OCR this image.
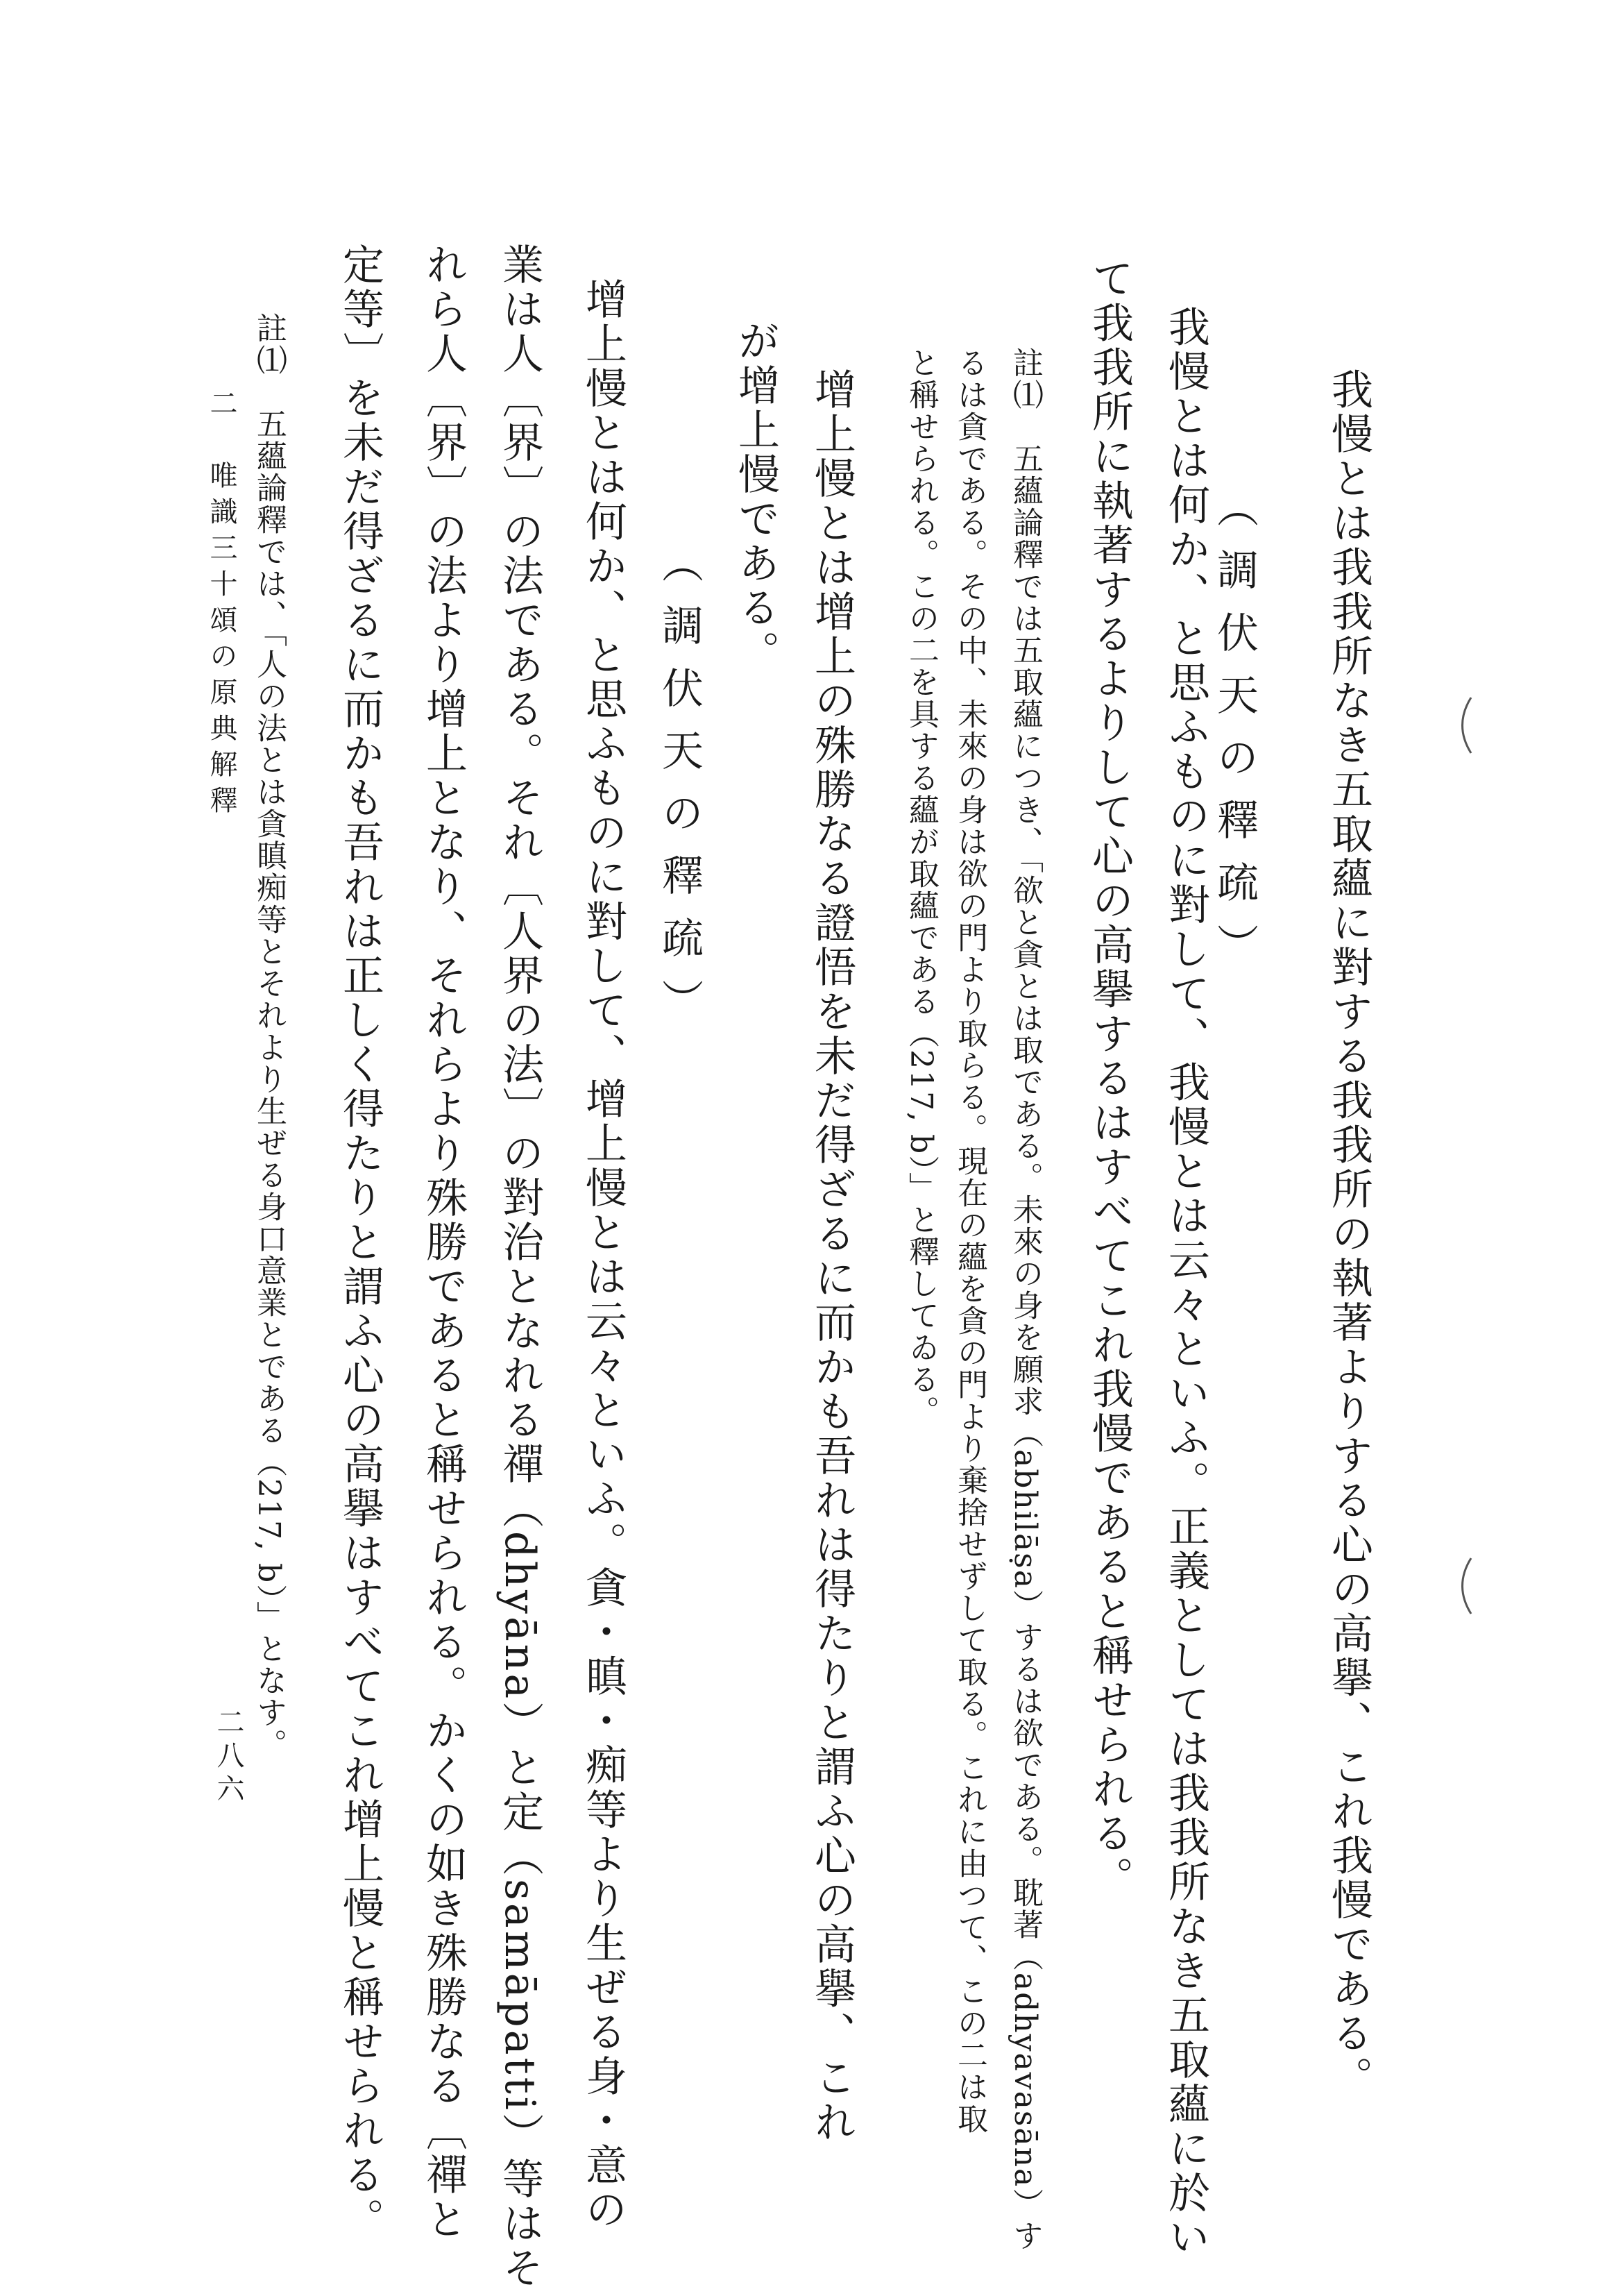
二　唯識三十頌の原典解釋
二八六	我慢とは我我所なき五取蘊に對する我我所の執著よりする心の高擧、これ我慢である。
（調伏天の釋疏）
我慢とは何か、と思ふものに對して、我慢とは云々といふ。正義としては我我所なき五取蘊に於い
て我我所に執著するよりして心の高擧するはすべてこれ我慢であると稱せられる。
註⑴　五蘊論釋では五取蘊につき、「欲と貪とは取である。未來の身を願求（abhilāṣa）するは欲である。耽著（adhyavasāna）す
るは貪である。その中、未來の身は欲の門より取らる。現在の蘊を貪の門より棄捨せずして取る。これに由つて、この二は取
と稱せられる。この二を具する蘊が取蘊である（217, b）」と釋してゐる。
增上慢とは增上の殊勝なる證悟を未だ得ざるに而かも吾れは得たりと謂ふ心の高擧、これ
が增上慢である。
（調伏天の釋疏）
增上慢とは何か、と思ふものに對して、增上慢とは云々といふ。貪・瞋・痴等より生ぜる身・意の
業は人〔界〕の法である。それ〔人界の法〕の對治となれる禪（dhyāna）と定（samāpatti）等はそ
れら人〔界〕の法より增上となり、それらより殊勝であると稱せられる。かくの如き殊勝なる〔禪と
定等〕を未だ得ざるに而かも吾れは正しく得たりと謂ふ心の高擧はすべてこれ增上慢と稱せられる。
註⑴　五蘊論釋では、「人の法とは貪瞋痴等とそれより生ぜる身口意業とである（217, b）」となす。
